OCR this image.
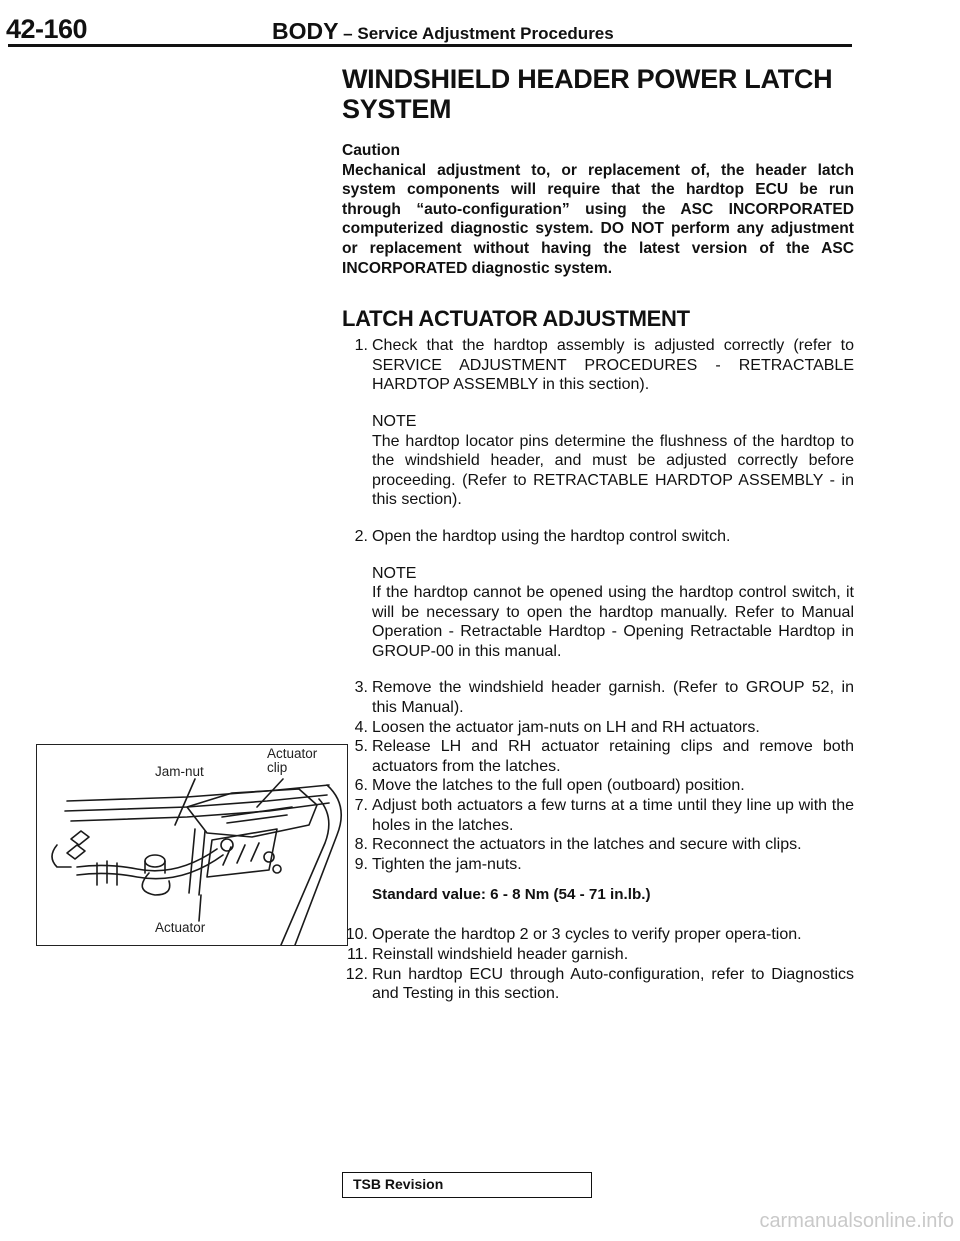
42-160	BODY – Service Adjustment Procedures
WINDSHIELD HEADER POWER LATCH
SYSTEM
Caution
Mechanical adjustment to, or replacement of, the header latch system components will require that the hardtop ECU be run through “auto-configuration” using the ASC INCORPORATED computerized diagnostic system. DO NOT perform any adjustment or replacement without having the latest version of the ASC INCORPORATED diagnostic system.
LATCH ACTUATOR ADJUSTMENT
1. Check that the hardtop assembly is adjusted correctly (refer to SERVICE ADJUSTMENT PROCEDURES - RETRACTABLE HARDTOP ASSEMBLY in this section).
NOTE
The hardtop locator pins determine the flushness of the hardtop to the windshield header, and must be adjusted correctly before proceeding. (Refer to RETRACTABLE HARDTOP ASSEMBLY - in this section).
2. Open the hardtop using the hardtop control switch.
NOTE
If the hardtop cannot be opened using the hardtop control switch, it will be necessary to open the hardtop manually. Refer to Manual Operation - Retractable Hardtop - Opening Retractable Hardtop in GROUP-00 in this manual.
3. Remove the windshield header garnish. (Refer to GROUP 52, in this Manual).
4. Loosen the actuator jam-nuts on LH and RH actuators.
5. Release LH and RH actuator retaining clips and remove both actuators from the latches.
6. Move the latches to the full open (outboard) position.
7. Adjust both actuators a few turns at a time until they line up with the holes in the latches.
8. Reconnect the actuators in the latches and secure with clips.
9. Tighten the jam-nuts.
Standard value: 6 - 8 Nm (54 - 71 in.lb.)
10. Operate the hardtop 2 or 3 cycles to verify proper opera-tion.
11. Reinstall windshield header garnish.
12. Run hardtop ECU through Auto-configuration, refer to Diagnostics and Testing in this section.
Jam-nut
Actuator
clip
Actuator
TSB Revision
carmanualsonline.info
